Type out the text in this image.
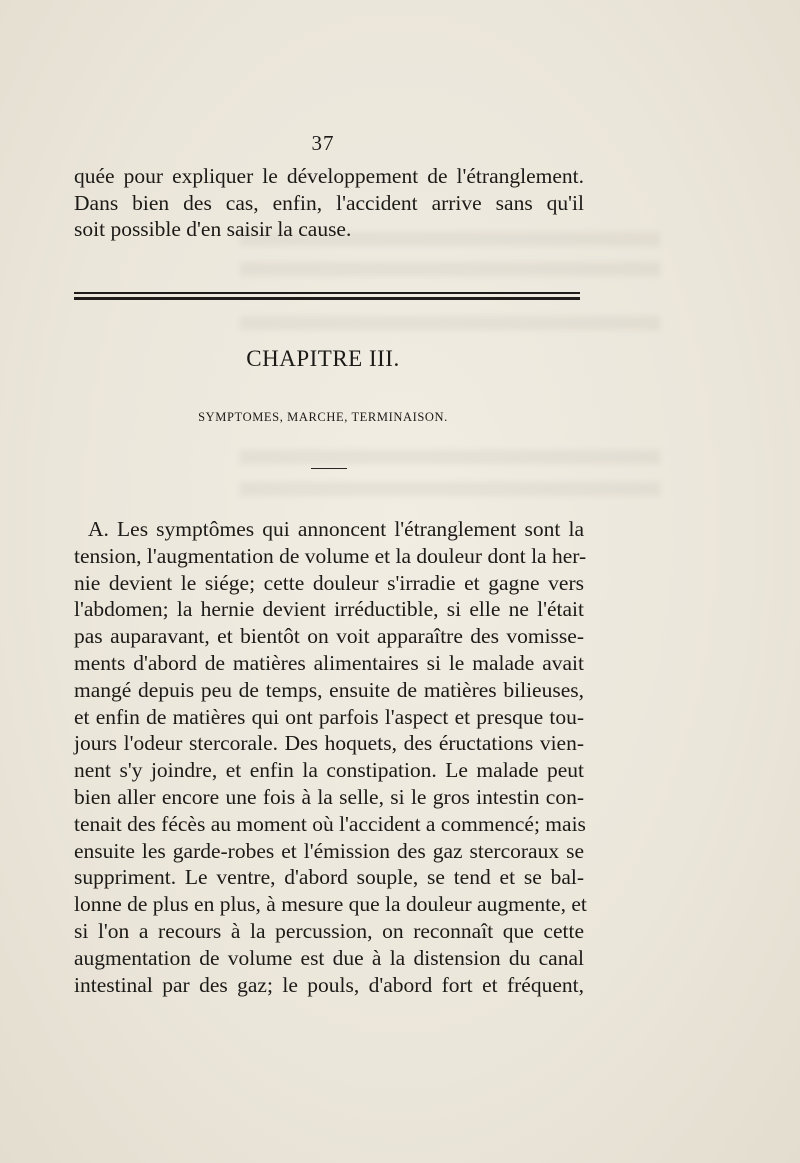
37
quée pour expliquer le développement de l'étranglement.
Dans bien des cas, enfin, l'accident arrive sans qu'il
soit possible d'en saisir la cause.
CHAPITRE III.
SYMPTOMES, MARCHE, TERMINAISON.
A. Les symptômes qui annoncent l'étranglement sont la
tension, l'augmentation de volume et la douleur dont la her-
nie devient le siége; cette douleur s'irradie et gagne vers
l'abdomen; la hernie devient irréductible, si elle ne l'était
pas auparavant, et bientôt on voit apparaître des vomisse-
ments d'abord de matières alimentaires si le malade avait
mangé depuis peu de temps, ensuite de matières bilieuses,
et enfin de matières qui ont parfois l'aspect et presque tou-
jours l'odeur stercorale. Des hoquets, des éructations vien-
nent s'y joindre, et enfin la constipation. Le malade peut
bien aller encore une fois à la selle, si le gros intestin con-
tenait des fécès au moment où l'accident a commencé; mais
ensuite les garde-robes et l'émission des gaz stercoraux se
suppriment. Le ventre, d'abord souple, se tend et se bal-
lonne de plus en plus, à mesure que la douleur augmente, et
si l'on a recours à la percussion, on reconnaît que cette
augmentation de volume est due à la distension du canal
intestinal par des gaz; le pouls, d'abord fort et fréquent,
